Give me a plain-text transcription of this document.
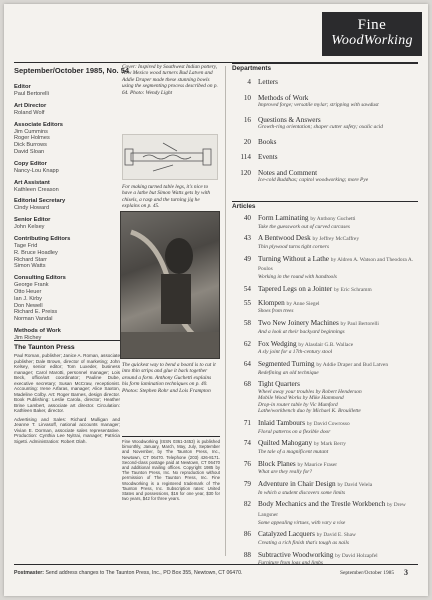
Fine
WoodWorking
September/October 1985, No. 54
Editor
Paul Bertorelli
Art Director
Roland Wolf
Associate Editors
Jim Cummins
Roger Holmes
Dick Burrows
David Sloan
Copy Editor
Nancy-Lou Knapp
Art Assistant
Kathleen Creason
Editorial Secretary
Cindy Howard
Senior Editor
John Kelsey
Contributing Editors
Tage Frid
R. Bruce Hoadley
Richard Starr
Simon Watts
Consulting Editors
George Frank
Otto Heuer
Ian J. Kirby
Don Newell
Richard E. Preiss
Norman Vandal
Methods of Work
Jim Richey
The Taunton Press
Paul Roman, publisher; Janice A. Roman, associate publisher; Dale Brown, director of marketing; John Kelsey, senior editor; Tom Luxeder, business manager; Carol Marotti, personnel manager; Lois Beck, office/art coordinator; Pauline Dube, executive secretary; Susan McCraw, receptionist. Accounting: Irene Arfaras, manager; Alice Saxton, Madeline Colby. Art: Roger Barnes, design director. Book Publishing: Leslie Carola, director; Heather Brine Lambert, associate art director. Circulation: Kathleen Baker, director.
Advertising and Sales: Richard Mulligan and Jeanne T. Lirvasoff, national accounts manager; Vivian E. Dorman, associate sales representative. Production: Cynthia Lee Nyitrai, manager; Patricia Sigetti. Administration: Robert Olah.
Cover: Inspired by Southwest Indian pottery, New Mexico wood turners Bud Latven and Addie Draper made these stunning bowls using the segmenting process described on p. 64. Photo: Wendy Light
For making turned table legs, it's nice to have a lathe but Simon Watts gets by with chisels, a rasp and the turning jig he explains on p. 45.
The quickest way to bend a board is to cut it into thin strips and glue it back together around a form. Anthony Guchetti explains his form lamination techniques on p. 40. Photos: Stephen Rohr and Lois Frampton
Fine Woodworking (ISSN 0361-3453) is published bimonthly, January, March, May, July, September and November, by The Taunton Press, Inc., Newtown, CT 06470. Telephone (203) 426-8171. Second-class postage paid at Newtown, CT 06470 and additional mailing offices. Copyright 1985 by The Taunton Press, Inc. No reproduction without permission of The Taunton Press, Inc. Fine Woodworking is a registered trademark of The Taunton Press, Inc. Subscription rates: United States and possessions, $16 for one year, $30 for two years, $42 for three years.
Departments
4 Letters
10 Methods of Work
Improved forge; versatile mylar; stripping with sawdust
16 Questions & Answers
Growth-ring orientation; shaper cutter safety; oxalic acid
20 Books
114 Events
120 Notes and Comment
Ice-cold Buddhas; capitol woodworking; more Pye
Articles
40 Form Laminating by Anthony Guchetti
Take the guesswork out of curved carcases
43 A Bentwood Desk by Jeffrey McCaffrey
Thin plywood turns tight corners
49 Turning Without a Lathe by Aldren A. Watson and Theodora A. Poulos
Working in the round with handtools
54 Tapered Legs on a Jointer by Eric Schramm
55 Klompen by Anne Siegel
Shoes from trees
58 Two New Joinery Machines by Paul Bertorelli
And a look at their backyard beginnings
62 Fox Wedging by Alasdair G.B. Wallace
A sly joint for a 17th-century stool
64 Segmented Turning by Addie Draper and Bud Latven
Redefining an old technique
68 Tight Quarters
Wheel away your troubles by Robert Henderson
Mobile Wood Works by Mike Hammond
Drop-in router table by Vic Mumford
Lathe/workbench duo by Michael K. Brouillette
71 Inlaid Tambours by David Cowrosso
Floral patterns on a flexible door
74 Quilted Mahogany by Mark Berry
The tale of a magnificent mutant
76 Block Planes by Maurice Fraser
What are they really for?
79 Adventure in Chair Design by David Velela
In which a student discovers some limits
82 Body Mechanics and the Trestle Workbench by Drew Langsner
Some appealing virtues, with vary a vise
86 Catalyzed Lacquers by David E. Shaw
Creating a rich finish that's tough as nails
88 Subtractive Woodworking by David Holzapfel
Postmaster: Send address changes to The Taunton Press, Inc., PO Box 355, Newtown, CT 06470.	September/October 1985 3
